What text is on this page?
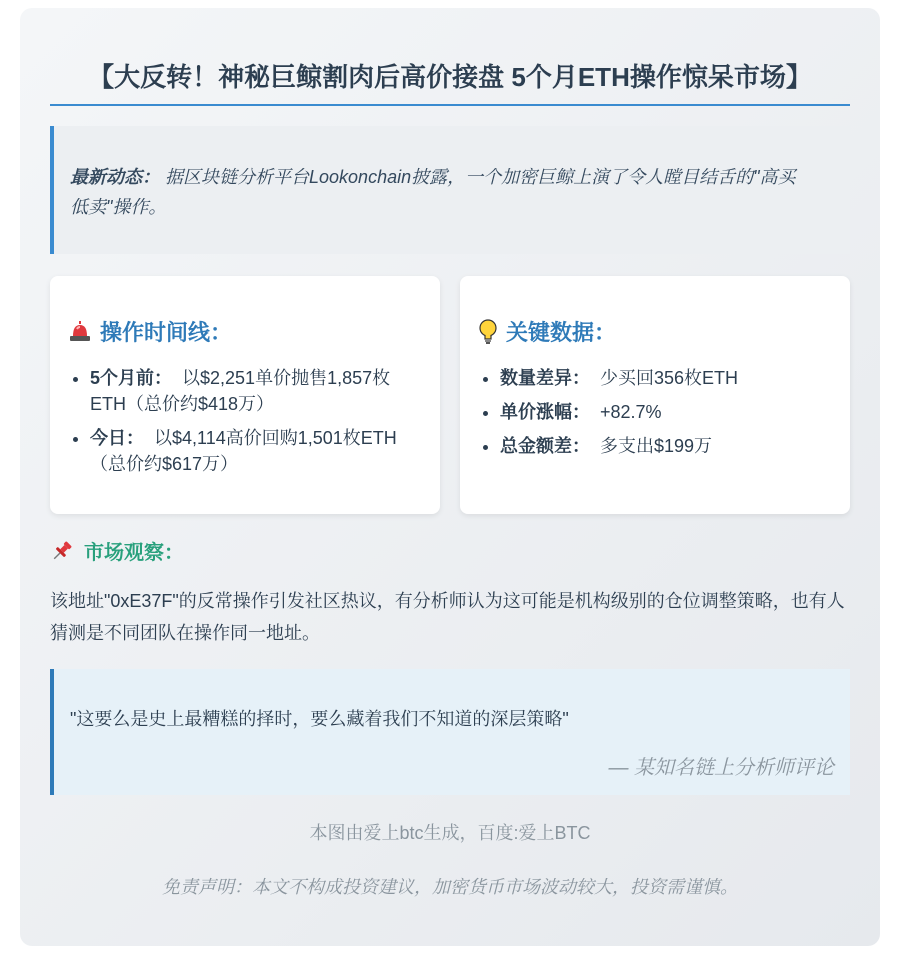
【大反转！神秘巨鲸割肉后高价接盘 5个月ETH操作惊呆市场】
最新动态： 据区块链分析平台Lookonchain披露，一个加密巨鲸上演了令人瞠目结舌的"高买低卖"操作。
操作时间线：
• 5个月前： 以$2,251单价抛售1,857枚ETH（总价约$418万）
• 今日： 以$4,114高价回购1,501枚ETH（总价约$617万）
关键数据：
• 数量差异： 少买回356枚ETH
• 单价涨幅： +82.7%
• 总金额差： 多支出$199万
市场观察：
该地址"0xE37F"的反常操作引发社区热议，有分析师认为这可能是机构级别的仓位调整策略，也有人猜测是不同团队在操作同一地址。
"这要么是史上最糟糕的择时，要么藏着我们不知道的深层策略"
— 某知名链上分析师评论
本图由爱上btc生成，百度:爱上BTC
免责声明：本文不构成投资建议，加密货币市场波动较大，投资需谨慎。
